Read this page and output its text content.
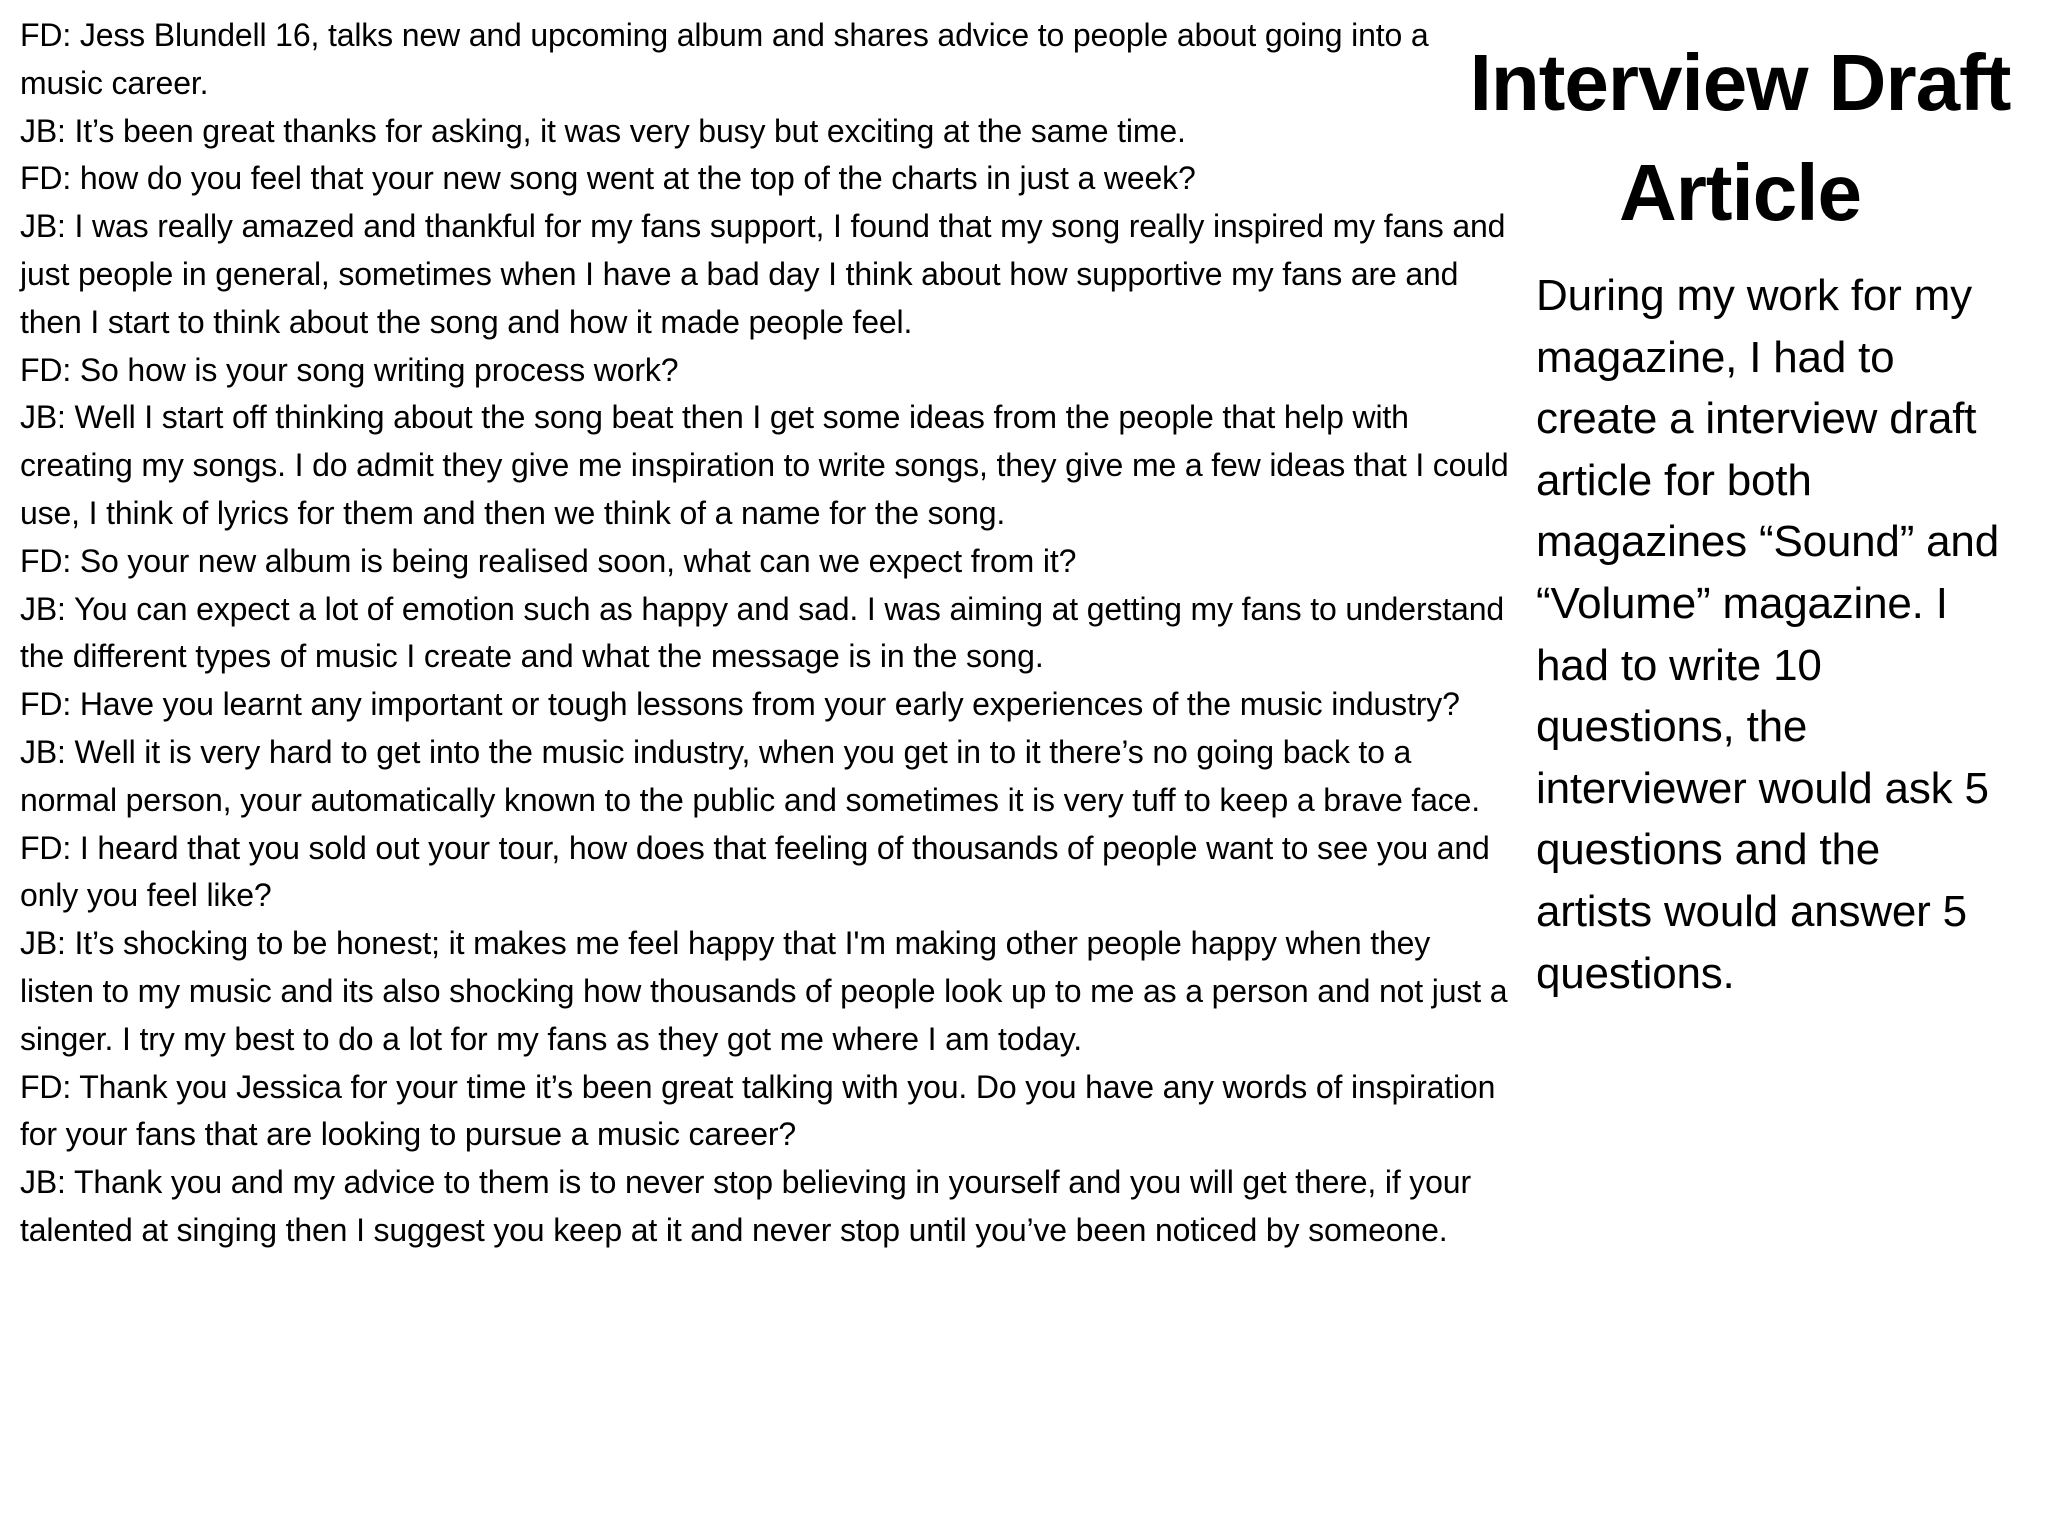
FD: Jess Blundell 16, talks new and upcoming album and shares advice to people about going into a music career.

JB: It’s been great thanks for asking, it was very busy but exciting at the same time.

FD: how do you feel that your new song went at the top of the charts in just a week?

JB: I was really amazed and thankful for my fans support, I found that my song really inspired my fans and just people in general, sometimes when I have a bad day I think about how supportive my fans are and then I start to think about the song and how it made people feel.

FD: So how is your song writing process work?

JB: Well I start off thinking about the song beat then I get some ideas from the people that help with creating my songs. I do admit they give me inspiration to write songs, they give me a few ideas that I could use, I think of lyrics for them and then we think of a name for the song.

FD: So your new album is being realised soon, what can we expect from it?

JB: You can expect a lot of emotion such as happy and sad. I was aiming at getting my fans to understand the different types of music I create and what the message is in the song.

FD: Have you learnt any important or tough lessons from your early experiences of the music industry?

JB: Well it is very hard to get into the music industry, when you get in to it there’s no going back to a normal person, your automatically known to the public and sometimes it is very tuff to keep a brave face.

FD: I heard that you sold out your tour, how does that feeling of thousands of people want to see you and only you feel like?

JB: It’s shocking to be honest; it makes me feel happy that I'm making other people happy when they listen to my music and its also shocking how thousands of people look up to me as a person and not just a singer. I try my best to do a lot for my fans as they got me where I am today.

FD: Thank you Jessica for your time it’s been great talking with you. Do you have any words of inspiration for your fans that are looking to pursue a music career?

JB: Thank you and my advice to them is to never stop believing in yourself and you will get there, if your talented at singing then I suggest you keep at it and never stop until you’ve been noticed by someone.

Interview Draft Article

During my work for my magazine, I had to create a interview draft article for both magazines “Sound” and “Volume” magazine. I had to write 10 questions, the interviewer would ask 5 questions and the artists would answer 5 questions.
